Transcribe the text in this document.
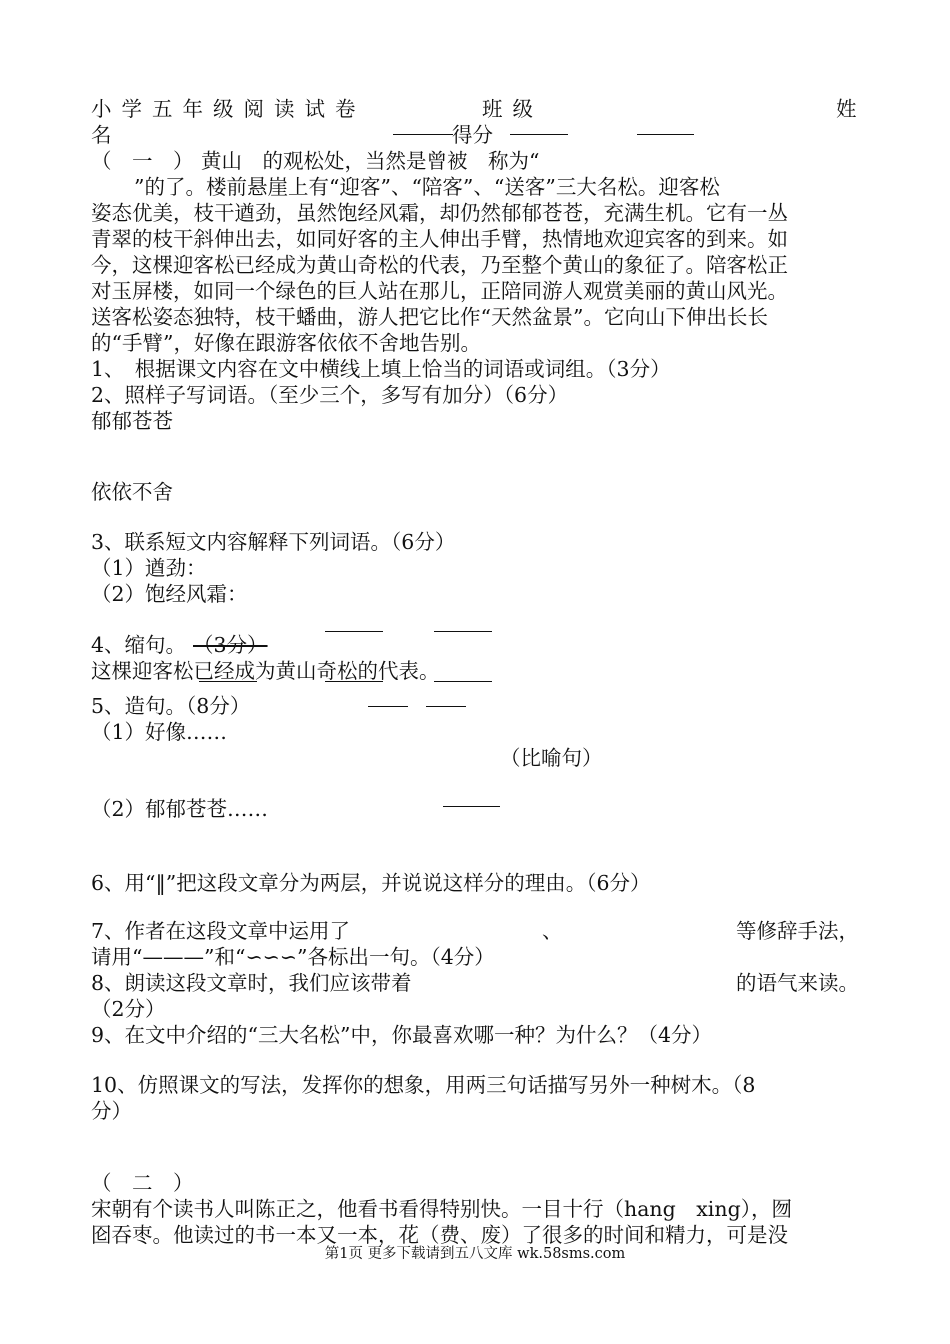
小学五年级阅读试卷	班级	姓
名	得分
（　一　） 黄山　的观松处，当然是曾被　称为“
”的了。楼前悬崖上有“迎客”、“陪客”、“送客”三大名松。迎客松
姿态优美，枝干遒劲，虽然饱经风霜，却仍然郁郁苍苍，充满生机。它有一丛
青翠的枝干斜伸出去，如同好客的主人伸出手臂，热情地欢迎宾客的到来。如
今，这棵迎客松已经成为黄山奇松的代表，乃至整个黄山的象征了。陪客松正
对玉屏楼，如同一个绿色的巨人站在那儿，正陪同游人观赏美丽的黄山风光。
送客松姿态独特，枝干蟠曲，游人把它比作“天然盆景”。它向山下伸出长长
的“手臂”，好像在跟游客依依不舍地告别。
1、　根据课文内容在文中横线上填上恰当的词语或词组。（3分）
2、照样子写词语。（至少三个，多写有加分）（6分）
郁郁苍苍
依依不舍
3、联系短文内容解释下列词语。（6分）
（1）遒劲：
（2）饱经风霜：
4、缩句。 （3分）
这棵迎客松已经成为黄山奇松的代表。
5、造句。（8分）
（1）好像……
（比喻句）
（2）郁郁苍苍……
6、用“‖”把这段文章分为两层，并说说这样分的理由。（6分）
7、作者在这段文章中运用了	、	等修辞手法，
请用“———”和“∽∽∽”各标出一句。（4分）
8、朗读这段文章时，我们应该带着	的语气来读。
（2分）
9、在文中介绍的“三大名松”中，你最喜欢哪一种？为什么？（4分）
10、仿照课文的写法，发挥你的想象，用两三句话描写另外一种树木。（8
分）
（　二　）
宋朝有个读书人叫陈正之，他看书看得特别快。一目十行（hang　xing），囫
囵吞枣。他读过的书一本又一本，花（费、废）了很多的时间和精力，可是没
第1页 更多下载请到五八文库 wk.58sms.com
